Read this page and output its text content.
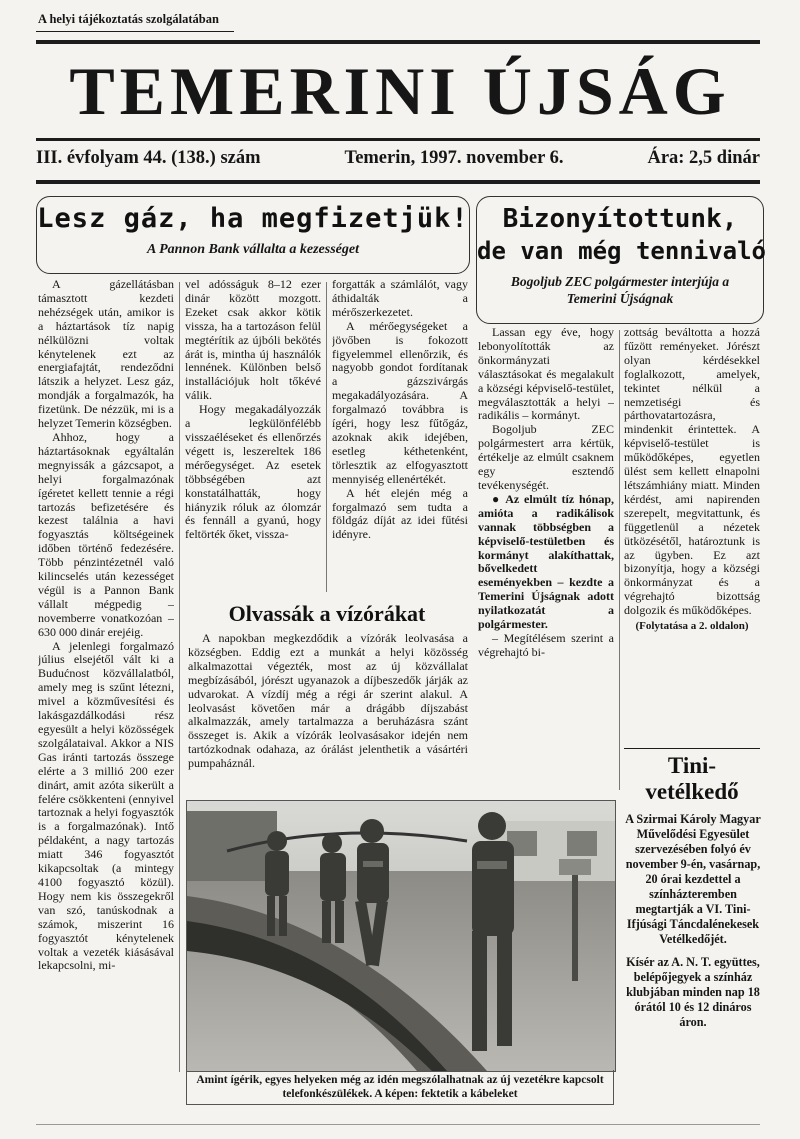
A helyi tájékoztatás szolgálatában
TEMERINI ÚJSÁG
III. évfolyam 44. (138.) szám	Temerin, 1997. november 6.	Ára: 2,5 dinár
Lesz gáz, ha megfizetjük!
A Pannon Bank vállalta a kezességet

A gázellátásban támasztott kezdeti nehézségek után, amikor is a háztartások tíz napig nélkülözni voltak kénytelenek ezt az energiafajtát, rendeződni látszik a helyzet. Lesz gáz, mondják a forgalmazók, ha fizetünk. De nézzük, mi is a helyzet Temerin községben.

Ahhoz, hogy a háztartásoknak egyáltalán megnyissák a gázcsapot, a helyi forgalmazónak ígéretet kellett tennie a régi tartozás befizetésére és kezest találnia a havi fogyasztás költségeinek időben történő fedezésére. Több pénzintézetnél való kilincselés után kezességet végül is a Pannon Bank vállalt mégpedig – novemberre vonatkozóan – 630 000 dinár erejéig.

A jelenlegi forgalmazó július elsejétől vált ki a Budućnost közvállalatból, amely meg is szűnt létezni, mivel a közművesítési és lakásgazdálkodási rész egyesült a helyi közösségek szolgálataival. Akkor a NIS Gas iránti tartozás összege elérte a 3 millió 200 ezer dinárt, amit azóta sikerült a felére csökkenteni (ennyivel tartoznak a helyi fogyasztók is a forgalmazónak). Intő példaként, a nagy tartozás miatt 346 fogyasztót kikapcsoltak (a mintegy 4100 fogyasztó közül). Hogy nem kis összegekről van szó, tanúskodnak a számok, miszerint 16 fogyasztót kénytelenek voltak a vezeték kiásásával lekapcsolni, mi-

vel adósságuk 8–12 ezer dinár között mozgott. Ezeket csak akkor kötik vissza, ha a tartozáson felül megtérítik az újbóli bekötés árát is, mintha új használók lennének. Különben belső installációjuk holt tőkévé válik.

Hogy megakadályozzák a legkülönfélébb visszaéléseket és ellenőrzés végett is, leszereltek 186 mérőegységet. Az esetek többségében azt konstatálhatták, hogy hiányzik róluk az ólomzár és fennáll a gyanú, hogy feltörték őket, vissza-

forgatták a számlálót, vagy áthidalták a mérőszerkezetet.

A mérőegységeket a jövőben is fokozott figyelemmel ellenőrzik, és nagyobb gondot fordítanak a gázszivárgás megakadályozására. A forgalmazó továbbra is ígéri, hogy lesz fűtőgáz, azoknak akik idejében, esetleg kéthetenként, törlesztik az elfogyasztott mennyiség ellenértékét.

A hét elején még a forgalmazó sem tudta a földgáz díját az idei fűtési idényre.

Olvassák a vízórákat

A napokban megkezdődik a vízórák leolvasása a községben. Eddig ezt a munkát a helyi közösség alkalmazottai végezték, most az új közvállalat megbízásából, jórészt ugyanazok a díjbeszedők járják az udvarokat. A vízdíj még a régi ár szerint alakul. A leolvasást követően már a drágább díjszabást alkalmazzák, amely tartalmazza a beruházásra szánt összeget is. Akik a vízórák leolvasásakor idején nem tartózkodnak odahaza, az órálást jelenthetik a vásártéri pumpaháznál.

Bizonyítottunk,
de van még tennivaló
Bogoljub ZEC polgármester interjúja a Temerini Újságnak

Lassan egy éve, hogy lebonyolították az önkormányzati választásokat és megalakult a községi képviselő-testület, megválasztották a helyi – radikális – kormányt.

Bogoljub ZEC polgármestert arra kértük, értékelje az elmúlt csaknem egy esztendő tevékenységét.

● Az elmúlt tíz hónap, amióta a radikálisok vannak többségben a képviselő-testületben és kormányt alakíthattak, bővelkedett eseményekben – kezdte a Temerini Újságnak adott nyilatkozatát a polgármester.

– Megítélésem szerint a végrehajtó bi-

zottság beváltotta a hozzá fűzött reményeket. Jórészt olyan kérdésekkel foglalkozott, amelyek, tekintet nélkül a nemzetiségi és párthovatartozásra, mindenkit érintettek. A képviselő-testület is működőképes, egyetlen ülést sem kellett elnapolni létszámhiány miatt. Minden kérdést, ami napirenden szerepelt, megvitattunk, és függetlenül a nézetek ütközésétől, határoztunk is az ügyben. Ez azt bizonyítja, hogy a községi önkormányzat és a végrehajtó bizottság dolgozik és működőképes.

(Folytatása a 2. oldalon)

Tini-
vetélkedő

A Szirmai Károly Magyar Művelődési Egyesület szervezésében folyó év november 9-én, vasárnap, 20 órai kezdettel a színházteremben megtartják a VI. Tini-Ifjúsági Táncdalénekesek Vetélkedőjét.

Kísér az A. N. T. együttes, belépőjegyek a színház klubjában minden nap 18 órától 10 és 12 dináros áron.

Amint ígérik, egyes helyeken még az idén megszólalhatnak az új vezetékre kapcsolt telefonkészülékek. A képen: fektetik a kábeleket
